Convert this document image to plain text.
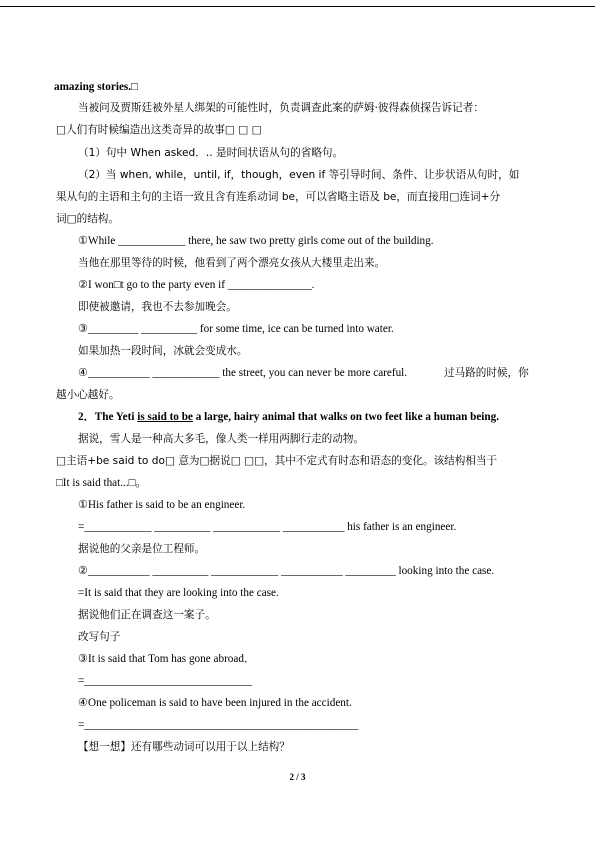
amazing stories.□
当被问及贾斯廷被外星人绑架的可能性时，负责调查此案的萨姆·彼得森侦探告诉记者：
□人们有时候编造出这类奇异的故事□ □ □
（1）句中 When asked．.. 是时间状语从句的省略句。
（2）当 when, while，until, if，though，even if 等引导时间、条件、让步状语从句时，如
果从句的主语和主句的主语一致且含有连系动词 be，可以省略主语及 be，而直接用□连词+分
词□的结构。
①While ____________ there, he saw two pretty girls come out of the building.
当他在那里等待的时候，他看到了两个漂亮女孩从大楼里走出来。
②I won□t go to the party even if _______________.
即使被邀请，我也不去参加晚会。
③_________ __________ for some time, ice can be turned into water.
如果加热一段时间，冰就会变成水。
④___________ ____________ the street, you can never be more careful.	过马路的时候，你
越小心越好。
2．The Yeti is said to be a large, hairy animal that walks on two feet like a human being.
据说，雪人是一种高大多毛，像人类一样用两脚行走的动物。
□主语+be said to do□ 意为□据说□ □□，其中不定式有时态和语态的变化。该结构相当于
□It is said that...□。
①His father is said to be an engineer.
=____________ __________ ____________ ___________ his father is an engineer.
据说他的父亲是位工程师。
②___________ __________ ____________ ___________ _________ looking into the case.
=It is said that they are looking into the case.
据说他们正在调查这一案子。
改写句子
③It is said that Tom has gone abroad．
=______________________________
④One policeman is said to have been injured in the accident.
=_________________________________________________
【想一想】还有哪些动词可以用于以上结构？
2 / 3
